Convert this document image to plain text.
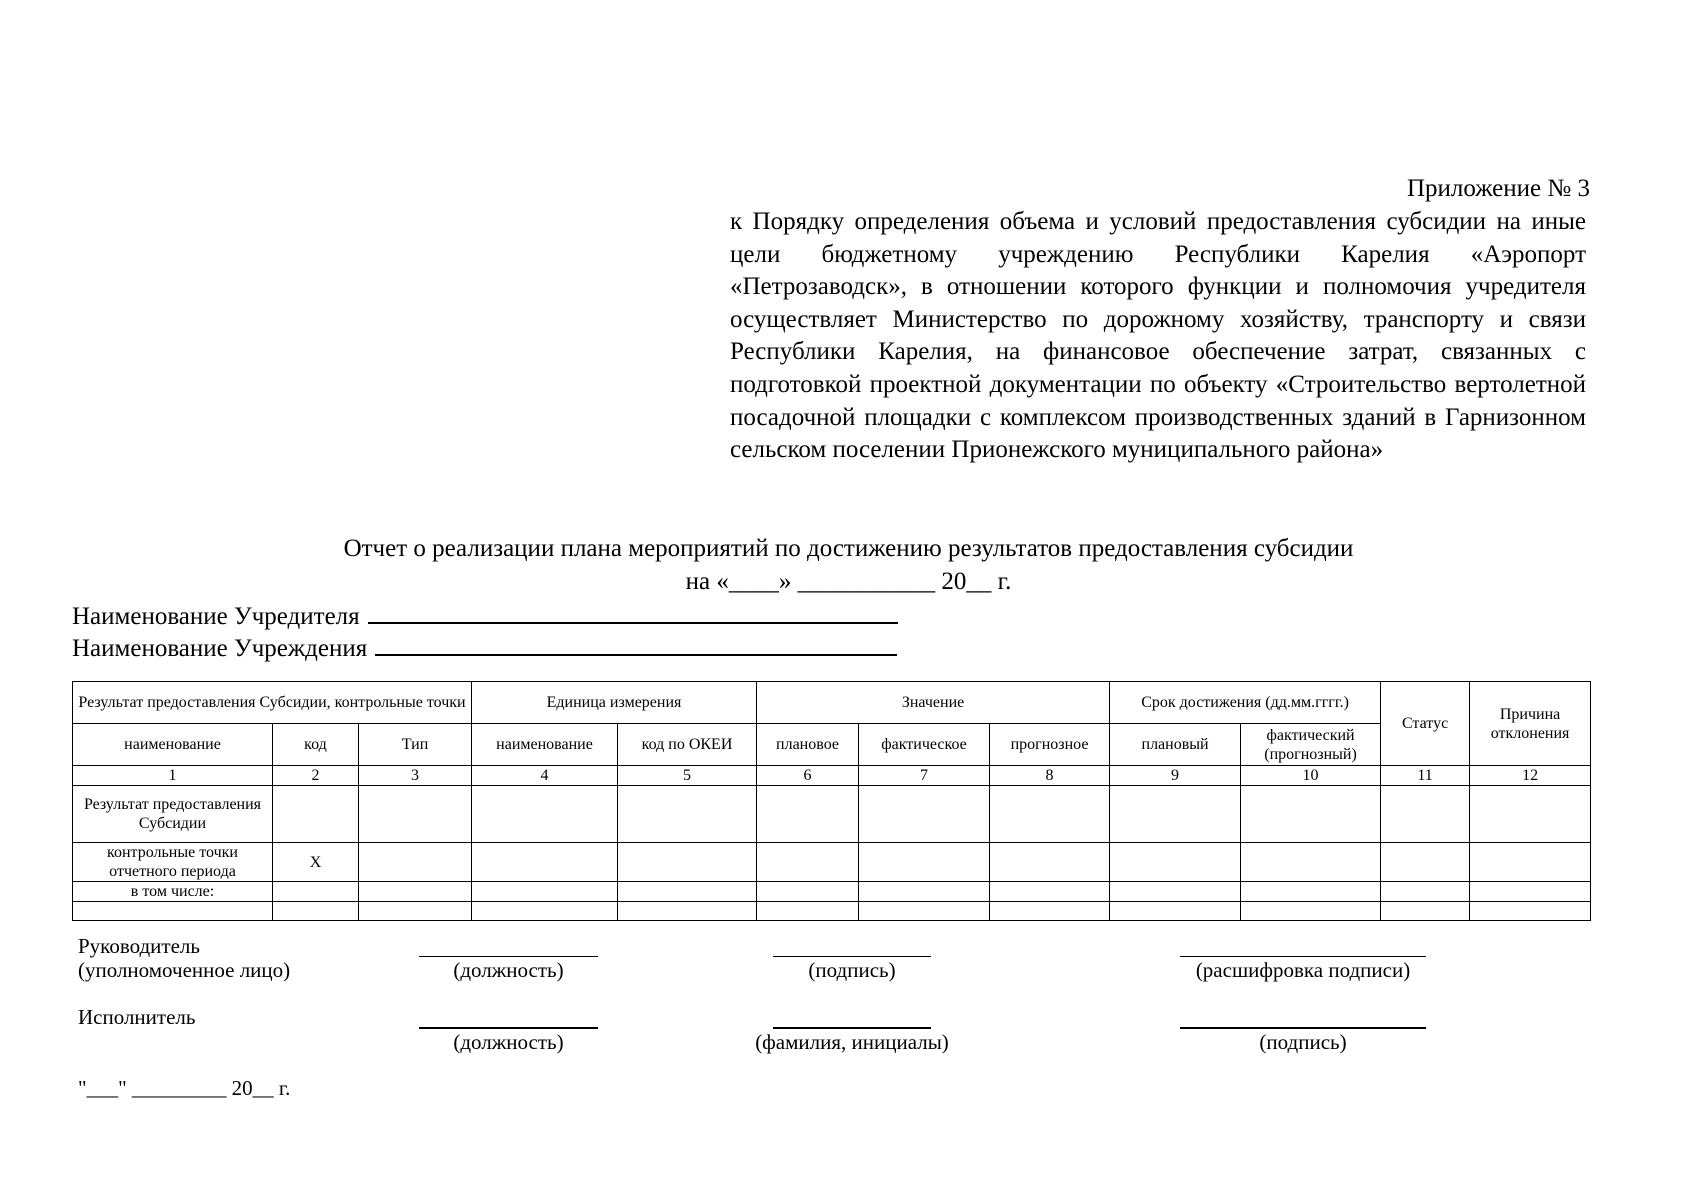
Приложение № 3

к Порядку определения объема и условий предоставления субсидии на иные цели бюджетному учреждению Республики Карелия «Аэропорт «Петрозаводск», в отношении которого функции и полномочия учредителя осуществляет Министерство по дорожному хозяйству, транспорту и связи Республики Карелия, на финансовое обеспечение затрат, связанных с подготовкой проектной документации по объекту «Строительство вертолетной посадочной площадки с комплексом производственных зданий в Гарнизонном сельском поселении Прионежского муниципального района»

Отчет о реализации плана мероприятий по достижению результатов предоставления субсидии
на «____» ___________ 20__ г.
Наименование Учредителя
Наименование Учреждения
Результат предоставления Субсидии, контрольные точки			Единица измерения		Значение			Срок достижения (дд.мм.гггг.)		Статус	Причина отклонения
наименование	код	Тип	наименование	код по ОКЕИ	плановое	фактическое	прогнозное	плановый	фактический (прогнозный)		
1	2	3	4	5	6	7	8	9	10	11	12
Результат предоставления Субсидии											
контрольные точки отчетного периода	Х										
в том числе:											

Руководитель
(уполномоченное лицо)	(должность)	(подпись)	(расшифровка подписи)
Исполнитель
(должность)	(фамилия, инициалы)	(подпись)
"___" _________ 20__ г.
